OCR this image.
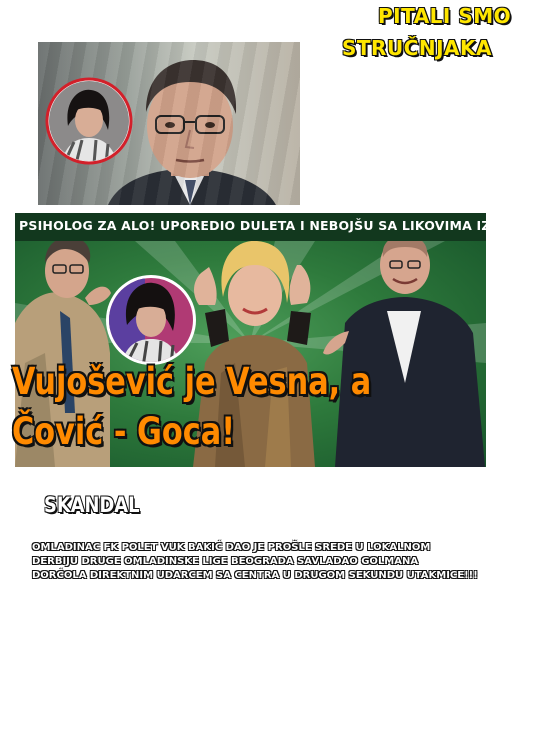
PITALI SMO
STRUČNJAKA
PSIHOLOG ZA ALO! UPOREDIO DULETA I NEBOJŠU SA LIKOVIMA IZ „FARME“
Vujošević je Vesna, a
Čović - Goca!
SKANDAL
OMLADINAC FK POLET VUK BAKIĆ DAO JE PROŠLE SREDE U LOKALNOM
DERBIJU DRUGE OMLADINSKE LIGE BEOGRADA SAVLADAO GOLMANA
DORĆOLA DIREKTNIM UDARCEM SA CENTRA U DRUGOM SEKUNDU UTAKMICE!!!
